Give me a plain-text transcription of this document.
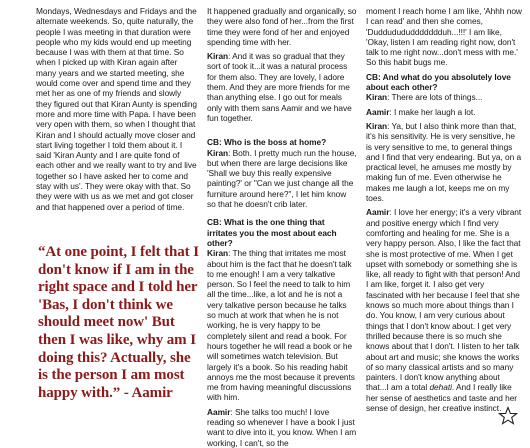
Mondays, Wednesdays and Fridays and the alternate weekends. So, quite naturally, the people I was meeting in that duration were people who my kids would end up meeting because I was with them at that time. So when I picked up with Kiran again after many years and we started meeting, she would come over and spend time and they met her as one of my friends and slowly they figured out that Kiran Aunty is spending more and more time with Papa. I have been very open with them, so when I thought that Kiran and I should actually move closer and start living together I told them about it. I said 'Kiran Aunty and I are quite fond of each other and we really want to try and live together so I have asked her to come and stay with us'. They were okay with that. So they were with us as we met and got closer and that happened over a period of time.

“At one point, I felt that I don't know if I am in the right space and I told her 'Bas, I don't think we should meet now' But then I was like, why am I doing this? Actually, she is the person I am most happy with.” - Aamir

It happened gradually and organically, so they were also fond of her...from the first time they were fond of her and enjoyed spending time with her.

Kiran: And it was so gradual that they sort of took it...it was a natural process for them also. They are lovely, I adore them. And they are more friends for me than anything else. I go out for meals only with them sans Aamir and we have fun together.

CB: Who is the boss at home?

Kiran: Both. I pretty much run the house, but when there are large decisions like 'Shall we buy this really expensive painting?' or "Can we just change all the furniture around here?", I let him know so that he doesn't crib later.

CB: What is the one thing that irritates you the most about each other?

Kiran: The thing that irritates me most about him is the fact that he doesn't talk to me enough! I am a very talkative person. So I feel the need to talk to him all the time...like, a lot and he is not a very talkative person because he talks so much at work that when he is not working, he is very happy to be completely silent and read a book. For hours together he will read a book or he will sometimes watch television. But largely it's a book. So his reading habit annoys me the most because it prevents me from having meaningful discussions with him.

Aamir: She talks too much! I love reading so whenever I have a book I just want to dive into it, you know. When I am working, I can't, so the

moment I reach home I am like, 'Ahhh now I can read' and then she comes, 'Duddudududdddddduh...!!!' I am like, 'Okay, listen I am reading right now, don't talk to me right now...don't mess with me.' So this habit bugs me.

CB: And what do you absolutely love about each other?

Kiran: There are lots of things...

Aamir: I make her laugh a lot.

Kiran: Ya, but I also think more than that, it's his sensitivity. He is very sensitive, he is very sensitive to me, to general things and I find that very endearing. But ya, on a practical level, he amuses me mostly by making fun of me. Even otherwise he makes me laugh a lot, keeps me on my toes.

Aamir: I love her energy; it's a very vibrant and positive energy which I find very comforting and healing for me. She is a very happy person. Also, I like the fact that she is most protective of me. When I get upset with somebody or something she is like, all ready to fight with that person! And I am like, forget it. I also get very fascinated with her because I feel that she knows so much more about things than I do. You know, I am very curious about things that I don't know about. I get very thrilled because there is so much she knows about that I don't. I listen to her talk about art and music; she knows the works of so many classical artists and so many painters. I don't know anything about that...I am a total dehati. And I really like her sense of aesthetics and taste and her sense of design, her creative instinct.
